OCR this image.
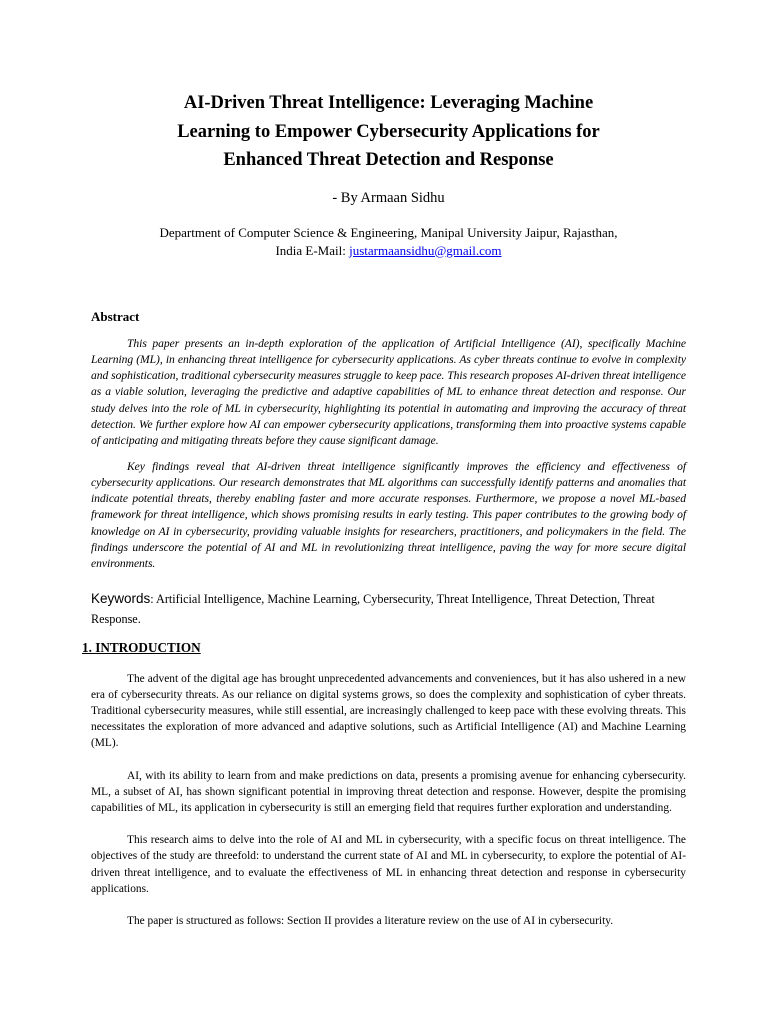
AI-Driven Threat Intelligence: Leveraging Machine
Learning to Empower Cybersecurity Applications for
Enhanced Threat Detection and Response

- By Armaan Sidhu

Department of Computer Science & Engineering, Manipal University Jaipur, Rajasthan,
India E-Mail: justarmaansidhu@gmail.com

Abstract

This paper presents an in-depth exploration of the application of Artificial Intelligence (AI), specifically Machine Learning (ML), in enhancing threat intelligence for cybersecurity applications. As cyber threats continue to evolve in complexity and sophistication, traditional cybersecurity measures struggle to keep pace. This research proposes AI-driven threat intelligence as a viable solution, leveraging the predictive and adaptive capabilities of ML to enhance threat detection and response. Our study delves into the role of ML in cybersecurity, highlighting its potential in automating and improving the accuracy of threat detection. We further explore how AI can empower cybersecurity applications, transforming them into proactive systems capable of anticipating and mitigating threats before they cause significant damage.

Key findings reveal that AI-driven threat intelligence significantly improves the efficiency and effectiveness of cybersecurity applications. Our research demonstrates that ML algorithms can successfully identify patterns and anomalies that indicate potential threats, thereby enabling faster and more accurate responses. Furthermore, we propose a novel ML-based framework for threat intelligence, which shows promising results in early testing. This paper contributes to the growing body of knowledge on AI in cybersecurity, providing valuable insights for researchers, practitioners, and policymakers in the field. The findings underscore the potential of AI and ML in revolutionizing threat intelligence, paving the way for more secure digital environments.

Keywords: Artificial Intelligence, Machine Learning, Cybersecurity, Threat Intelligence, Threat Detection, Threat Response.

1. INTRODUCTION

The advent of the digital age has brought unprecedented advancements and conveniences, but it has also ushered in a new era of cybersecurity threats. As our reliance on digital systems grows, so does the complexity and sophistication of cyber threats. Traditional cybersecurity measures, while still essential, are increasingly challenged to keep pace with these evolving threats. This necessitates the exploration of more advanced and adaptive solutions, such as Artificial Intelligence (AI) and Machine Learning (ML).

AI, with its ability to learn from and make predictions on data, presents a promising avenue for enhancing cybersecurity. ML, a subset of AI, has shown significant potential in improving threat detection and response. However, despite the promising capabilities of ML, its application in cybersecurity is still an emerging field that requires further exploration and understanding.

This research aims to delve into the role of AI and ML in cybersecurity, with a specific focus on threat intelligence. The objectives of the study are threefold: to understand the current state of AI and ML in cybersecurity, to explore the potential of AI-driven threat intelligence, and to evaluate the effectiveness of ML in enhancing threat detection and response in cybersecurity applications.

The paper is structured as follows: Section II provides a literature review on the use of AI in cybersecurity.
